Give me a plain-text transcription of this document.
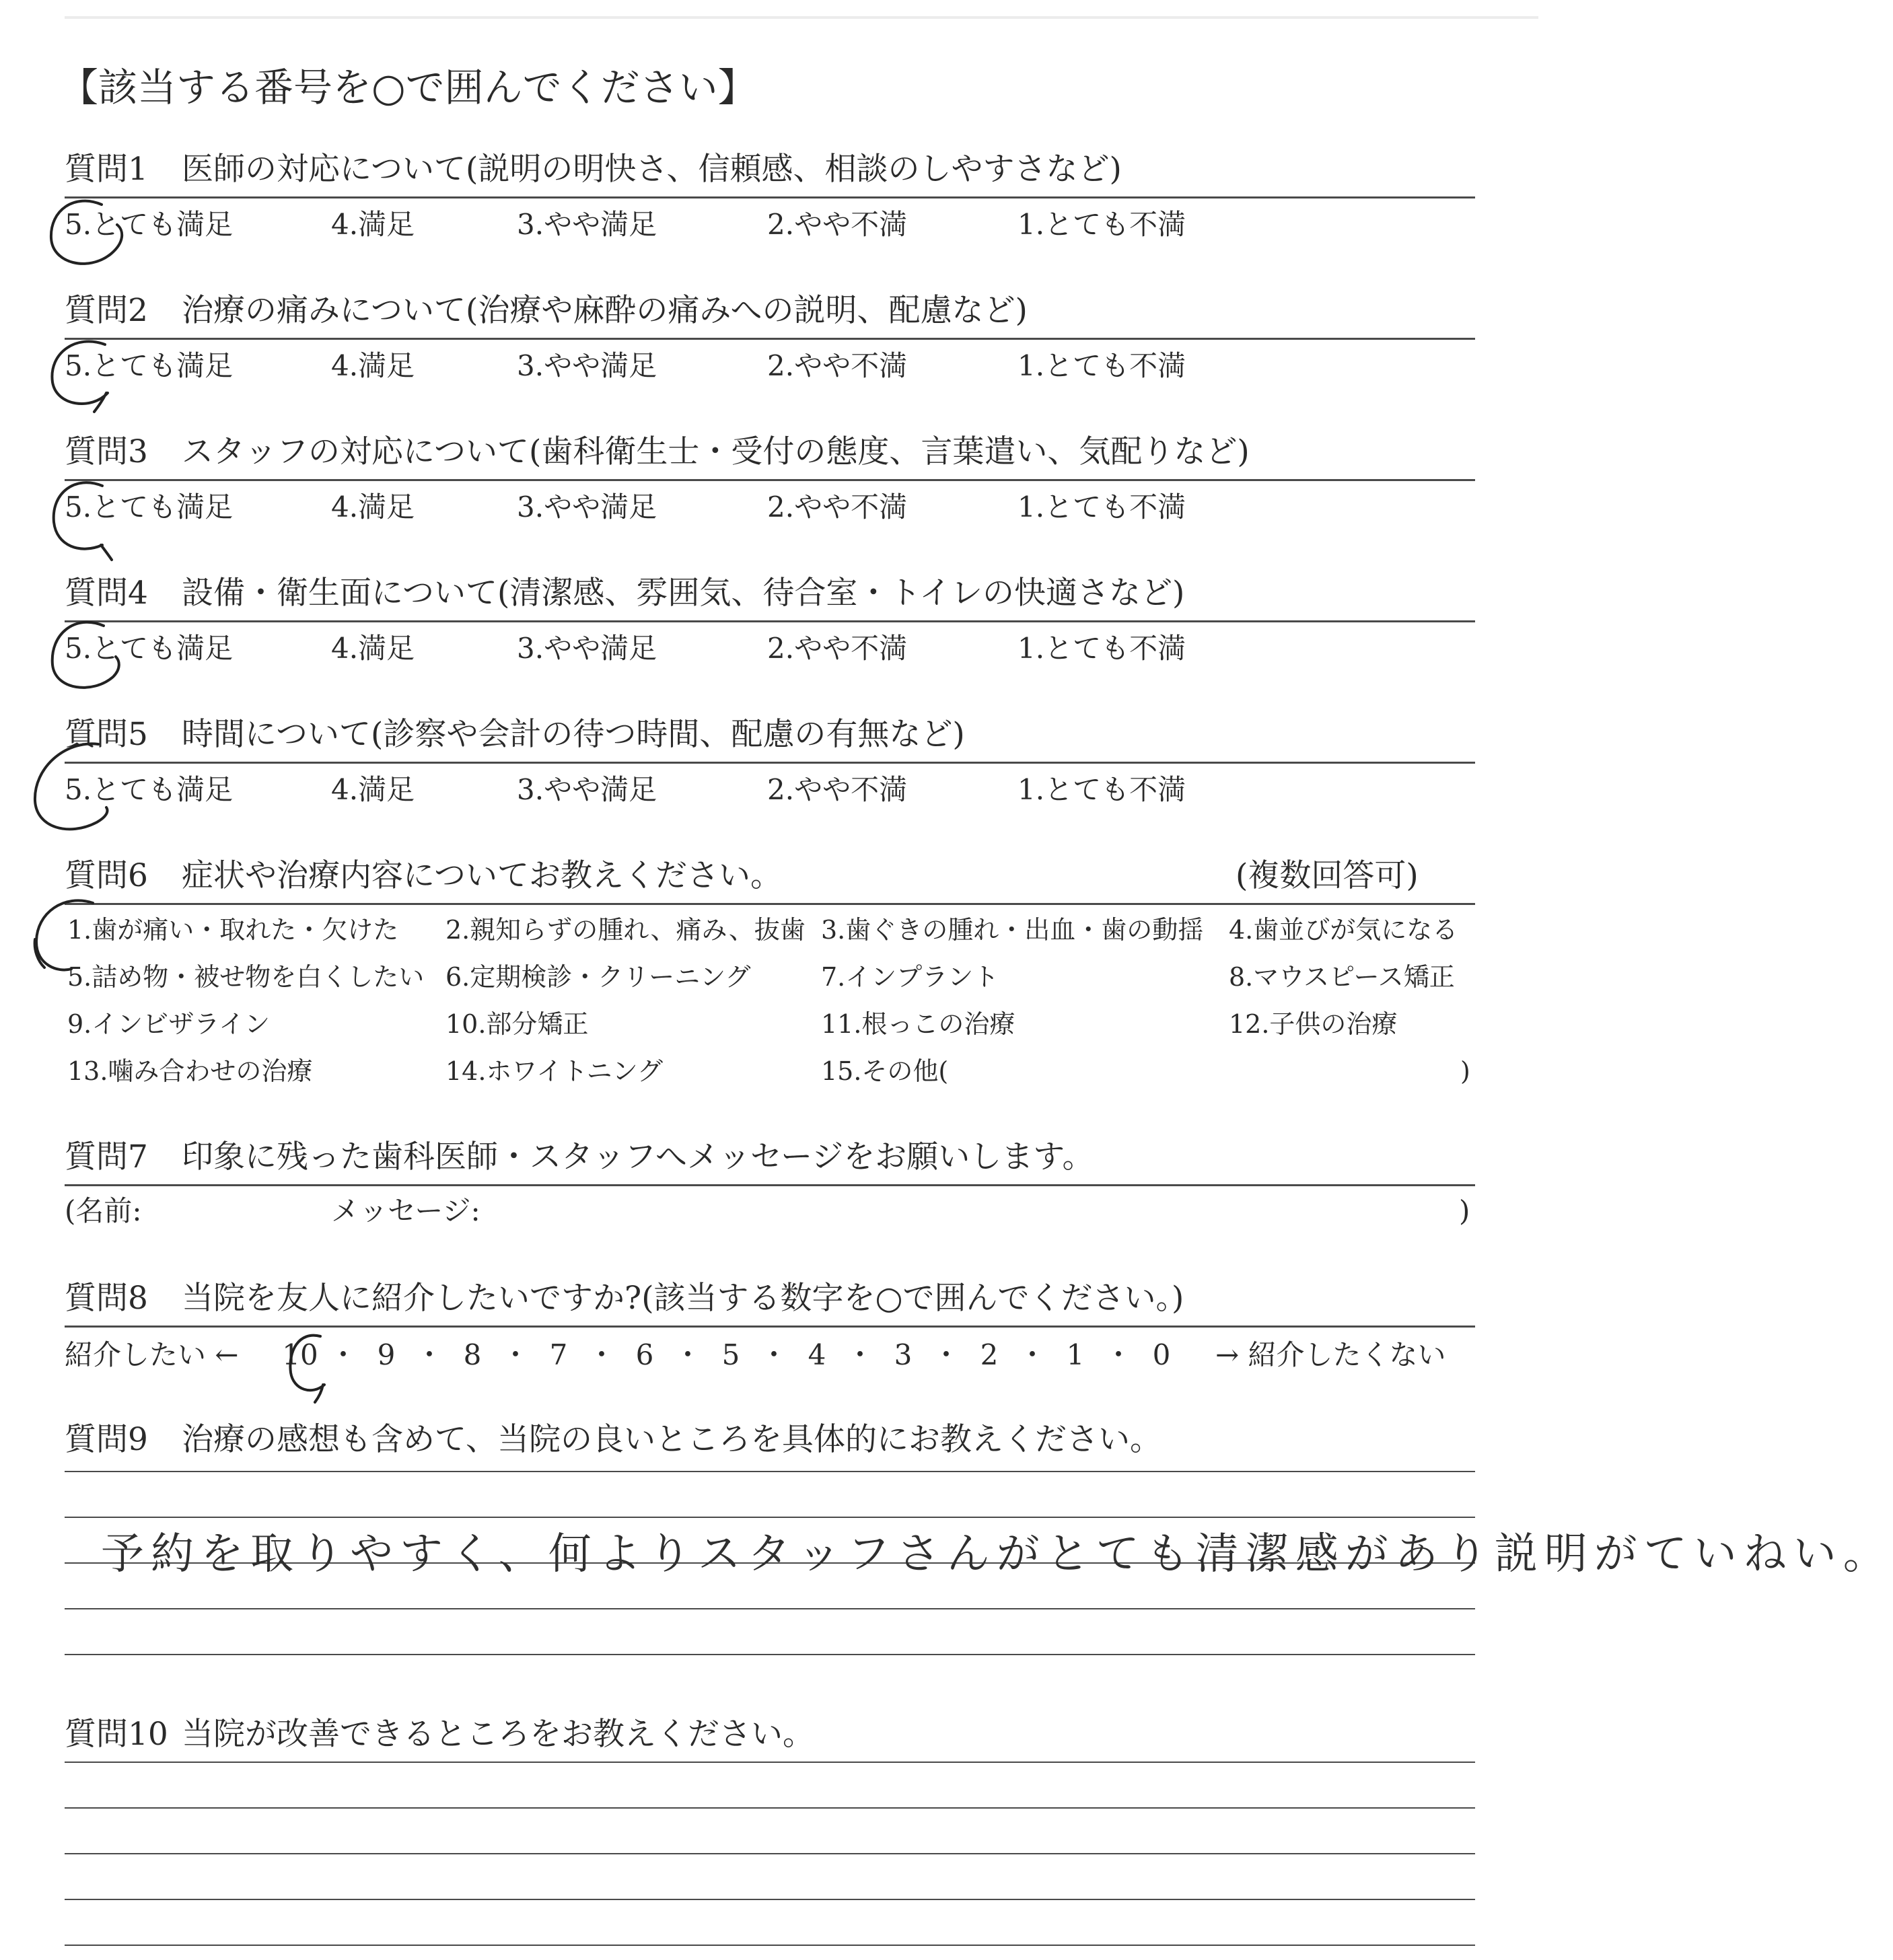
【該当する番号を○で囲んでください】
質問1 医師の対応について(説明の明快さ、信頼感、相談のしやすさなど)
5.とても満足	4.満足	3.やや満足	2.やや不満	1.とても不満
質問2 治療の痛みについて(治療や麻酔の痛みへの説明、配慮など)
5.とても満足	4.満足	3.やや満足	2.やや不満	1.とても不満
質問3 スタッフの対応について(歯科衛生士・受付の態度、言葉遣い、気配りなど)
5.とても満足	4.満足	3.やや満足	2.やや不満	1.とても不満
質問4 設備・衛生面について(清潔感、雰囲気、待合室・トイレの快適さなど)
5.とても満足	4.満足	3.やや満足	2.やや不満	1.とても不満
質問5 時間について(診察や会計の待つ時間、配慮の有無など)
5.とても満足	4.満足	3.やや満足	2.やや不満	1.とても不満
質問6 症状や治療内容についてお教えください。	(複数回答可)
1.歯が痛い・取れた・欠けた 2.親知らずの腫れ、痛み、抜歯 3.歯ぐきの腫れ・出血・歯の動揺 4.歯並びが気になる
5.詰め物・被せ物を白くしたい 6.定期検診・クリーニング	7.インプラント	8.マウスピース矯正
9.インビザライン	10.部分矯正	11.根っこの治療	12.子供の治療
13.噛み合わせの治療	14.ホワイトニング	15.その他(	)
質問7 印象に残った歯科医師・スタッフへメッセージをお願いします。
(名前:	メッセージ:	)
質問8 当院を友人に紹介したいですか?(該当する数字を○で囲んでください。)
紹介したい ← 10 ・ 9 ・ 8 ・ 7 ・ 6 ・ 5 ・ 4 ・ 3 ・ 2 ・ 1 ・ 0	→ 紹介したくない
質問9 治療の感想も含めて、当院の良いところを具体的にお教えください。
予約を取りやすく、何よりスタッフさんがとても清潔感があり説明がていねい。
質問10 当院が改善できるところをお教えください。
